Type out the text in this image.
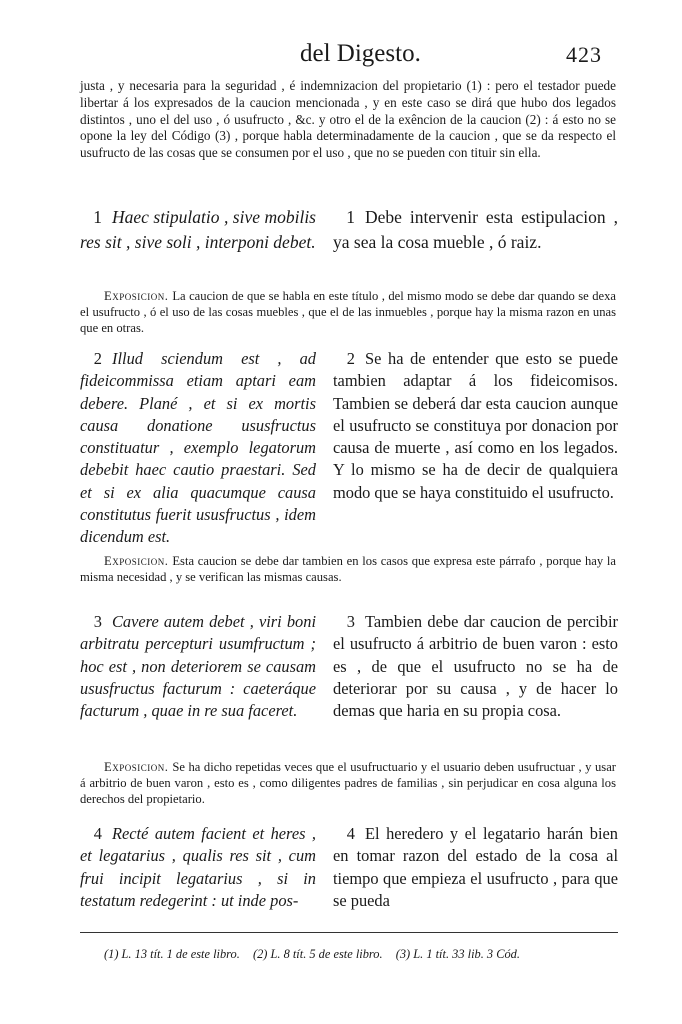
del Digesto.	423

justa , y necesaria para la seguridad , é indemnizacion del propietario (1) : pero el testador puede libertar á los expresados de la caucion mencionada , y en este caso se dirá que hubo dos legados distintos , uno el del uso , ó usufructo , &c. y otro el de la exêncion de la caucion (2) : á esto no se opone la ley del Código (3) , porque habla determinadamente de la caucion , que se da respecto el usufructo de las cosas que se consumen por el uso , que no se pueden con tituir sin ella.

1 Haec stipulatio , sive mobilis res sit , sive soli , interponi debet.

1 Debe intervenir esta estipulacion , ya sea la cosa mueble , ó raiz.

Exposicion. La caucion de que se habla en este título , del mismo modo se debe dar quando se dexa el usufructo , ó el uso de las cosas muebles , que el de las inmuebles , porque hay la misma razon en unas que en otras.

2 Illud sciendum est , ad fideicommissa etiam aptari eam debere. Plané , et si ex mortis causa donatione ususfructus constituatur , exemplo legatorum debebit haec cautio praestari. Sed et si ex alia quacumque causa constitutus fuerit ususfructus , idem dicendum est.

2 Se ha de entender que esto se puede tambien adaptar á los fideicomisos. Tambien se deberá dar esta caucion aunque el usufructo se constituya por donacion por causa de muerte , así como en los legados. Y lo mismo se ha de decir de qualquiera modo que se haya constituido el usufructo.

Exposicion. Esta caucion se debe dar tambien en los casos que expresa este párrafo , porque hay la misma necesidad , y se verifican las mismas causas.

3 Cavere autem debet , viri boni arbitratu percepturi usumfructum ; hoc est , non deteriorem se causam ususfructus facturum : caeteráque facturum , quae in re sua faceret.

3 Tambien debe dar caucion de percibir el usufructo á arbitrio de buen varon : esto es , de que el usufructo no se ha de deteriorar por su causa , y de hacer lo demas que haria en su propia cosa.

Exposicion. Se ha dicho repetidas veces que el usufructuario y el usuario deben usufructuar , y usar á arbitrio de buen varon , esto es , como diligentes padres de familias , sin perjudicar en cosa alguna los derechos del propietario.

4 Recté autem facient et heres , et legatarius , qualis res sit , cum frui incipit legatarius , si in testatum redegerint : ut inde pos-

4 El heredero y el legatario harán bien en tomar razon del estado de la cosa al tiempo que empieza el usufructo , para que se pueda

(1) L. 13 tít. 1 de este libro. (2) L. 8 tít. 5 de este libro. (3) L. 1 tít. 33 lib. 3 Cód.
